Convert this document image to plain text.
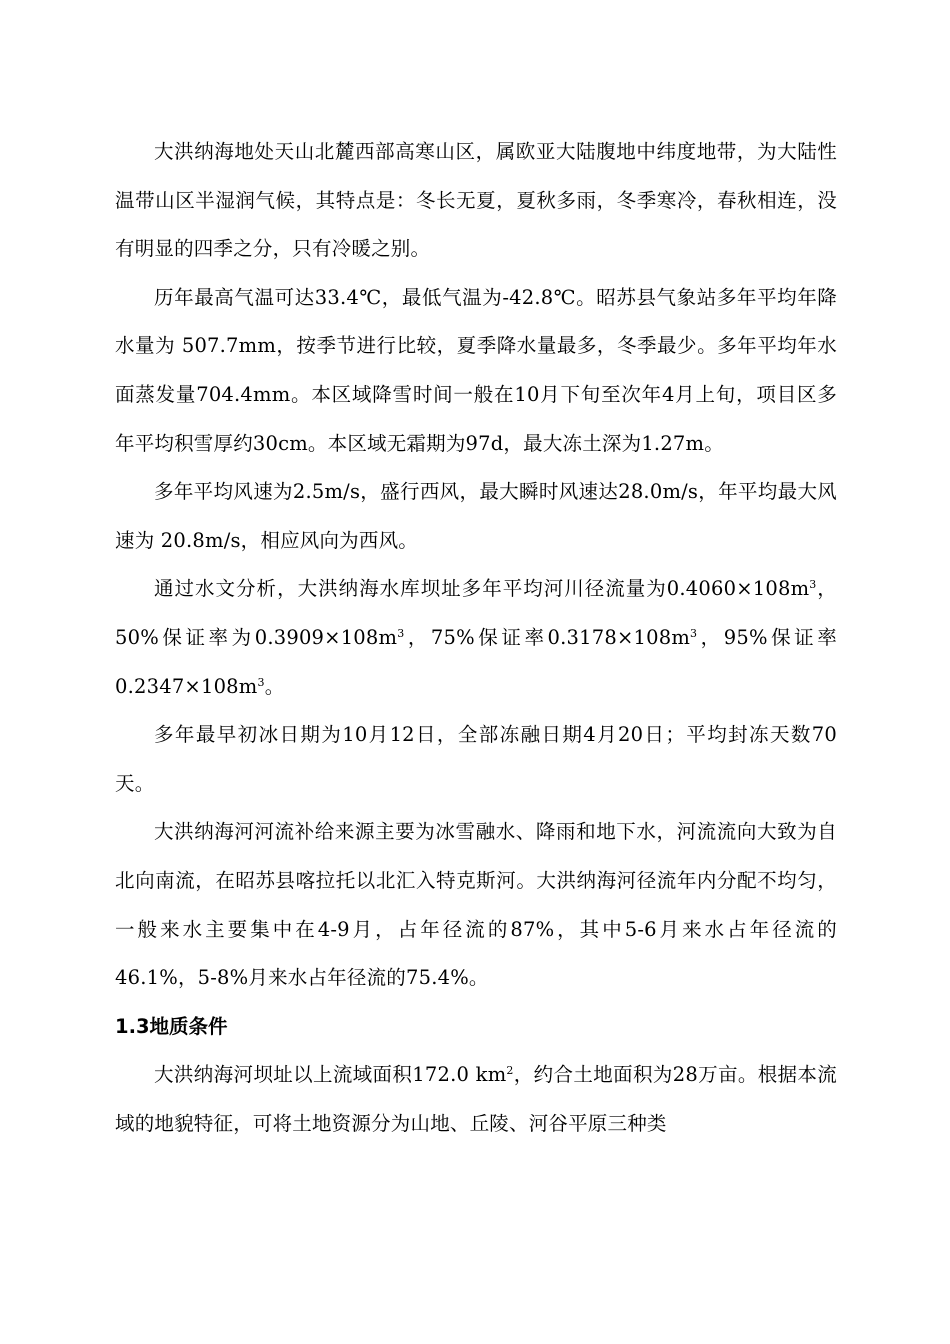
大洪纳海地处天山北麓西部高寒山区，属欧亚大陆腹地中纬度地带，为大陆性温带山区半湿润气候，其特点是：冬长无夏，夏秋多雨，冬季寒冷，春秋相连，没有明显的四季之分，只有冷暖之别。

历年最高气温可达33.4℃，最低气温为-42.8℃。昭苏县气象站多年平均年降水量为 507.7mm，按季节进行比较，夏季降水量最多，冬季最少。多年平均年水面蒸发量704.4mm。本区域降雪时间一般在10月下旬至次年4月上旬，项目区多年平均积雪厚约30cm。本区域无霜期为97d，最大冻土深为1.27m。

多年平均风速为2.5m/s，盛行西风，最大瞬时风速达28.0m/s，年平均最大风速为 20.8m/s，相应风向为西风。

通过水文分析，大洪纳海水库坝址多年平均河川径流量为$0.4060\times 108m^3$，50%保证率为$0.3909\times 108m^3$，75%保证率$0.3178\times 108m^3$，95%保证率$0.2347\times 108m^3$。

多年最早初冰日期为10月12日，全部冻融日期4月20日；平均封冻天数70天。

大洪纳海河河流补给来源主要为冰雪融水、降雨和地下水，河流流向大致为自北向南流，在昭苏县喀拉托以北汇入特克斯河。大洪纳海河径流年内分配不均匀，一般来水主要集中在4-9月，占年径流的87%，其中5-6月来水占年径流的46.1%，5-8%月来水占年径流的75.4%。

1.3地质条件

大洪纳海河坝址以上流域面积172.0 $km^2$，约合土地面积为28万亩。根据本流域的地貌特征，可将土地资源分为山地、丘陵、河谷平原三种类
